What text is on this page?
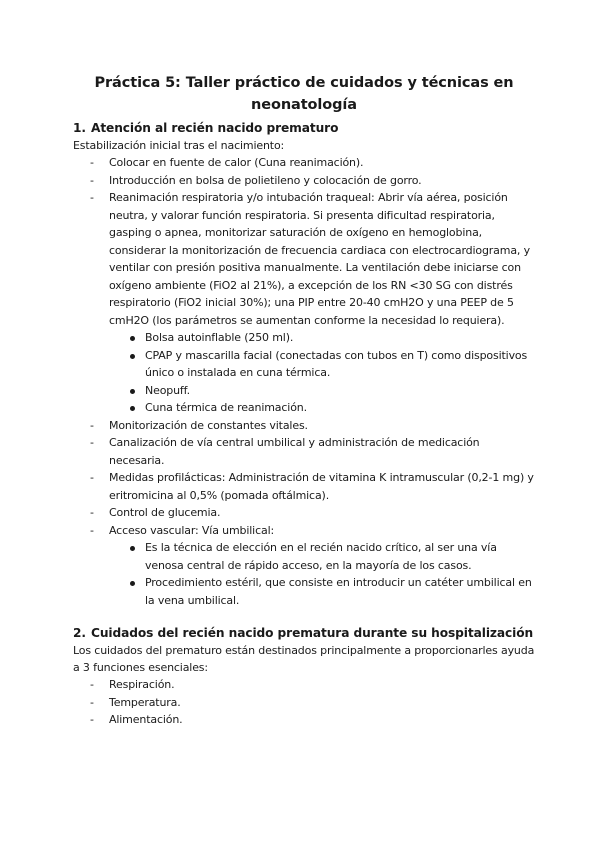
Práctica 5: Taller práctico de cuidados y técnicas en neonatología
1. Atención al recién nacido prematuro

Estabilización inicial tras el nacimiento:

- Colocar en fuente de calor (Cuna reanimación).
- Introducción en bolsa de polietileno y colocación de gorro.
- Reanimación respiratoria y/o intubación traqueal: Abrir vía aérea, posición neutra, y valorar función respiratoria. Si presenta dificultad respiratoria, gasping o apnea, monitorizar saturación de oxígeno en hemoglobina, considerar la monitorización de frecuencia cardiaca con electrocardiograma, y ventilar con presión positiva manualmente. La ventilación debe iniciarse con oxígeno ambiente (FiO2 al 21%), a excepción de los RN <30 SG con distrés respiratorio (FiO2 inicial 30%); una PIP entre 20-40 cmH2O y una PEEP de 5 cmH2O (los parámetros se aumentan conforme la necesidad lo requiera).
Bolsa autoinflable (250 ml).
CPAP y mascarilla facial (conectadas con tubos en T) como dispositivos único o instalada en cuna térmica.
Neopuff.
Cuna térmica de reanimación.
- Monitorización de constantes vitales.
- Canalización de vía central umbilical y administración de medicación necesaria.
- Medidas profilácticas: Administración de vitamina K intramuscular (0,2-1 mg) y eritromicina al 0,5% (pomada oftálmica).
- Control de glucemia.
- Acceso vascular: Vía umbilical:
Es la técnica de elección en el recién nacido crítico, al ser una vía venosa central de rápido acceso, en la mayoría de los casos.
Procedimiento estéril, que consiste en introducir un catéter umbilical en la vena umbilical.
2. Cuidados del recién nacido prematura durante su hospitalización

Los cuidados del prematuro están destinados principalmente a proporcionarles ayuda a 3 funciones esenciales:

- Respiración.
- Temperatura.
- Alimentación.
